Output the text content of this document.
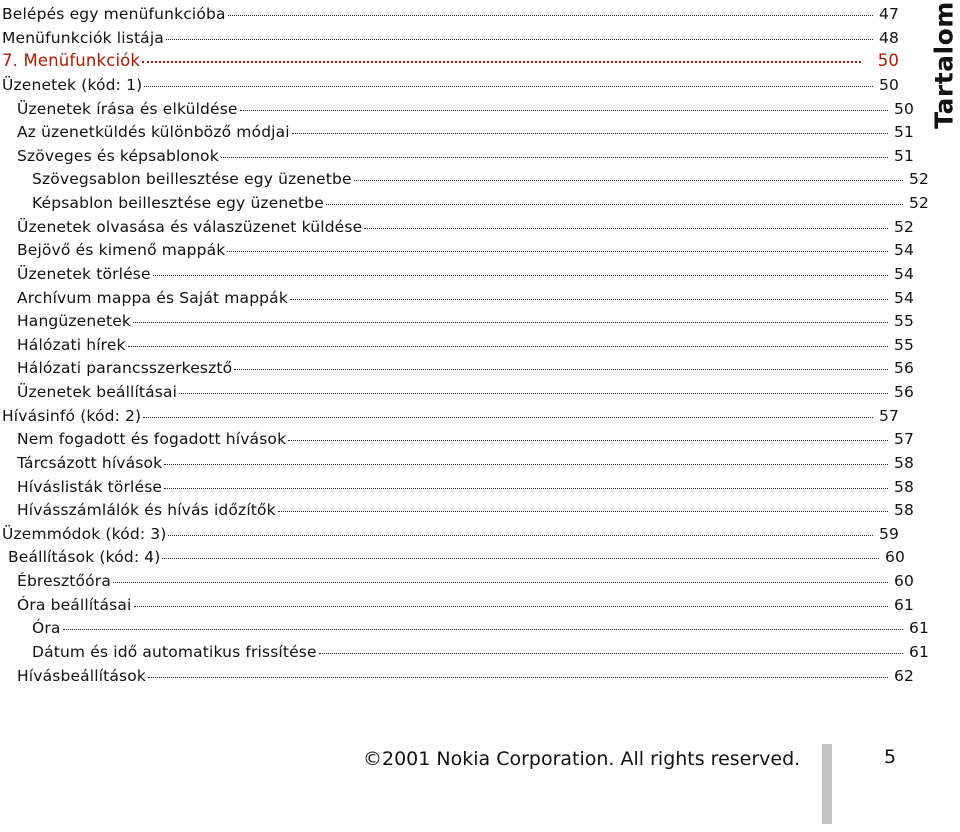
Belépés egy menüfunkcióba	47
Menüfunkciók listája	48
7. Menüfunkciók	50
Üzenetek (kód: 1)	50
Üzenetek írása és elküldése	50
Az üzenetküldés különböző módjai	51
Szöveges és képsablonok	51
Szövegsablon beillesztése egy üzenetbe	52
Képsablon beillesztése egy üzenetbe	52
Üzenetek olvasása és válaszüzenet küldése	52
Bejövő és kimenő mappák	54
Üzenetek törlése	54
Archívum mappa és Saját mappák	54
Hangüzenetek	55
Hálózati hírek	55
Hálózati parancsszerkesztő	56
Üzenetek beállításai	56
Hívásinfó (kód: 2)	57
Nem fogadott és fogadott hívások	57
Tárcsázott hívások	58
Híváslisták törlése	58
Hívásszámlálók és hívás időzítők	58
Üzemmódok (kód: 3)	59
Beállítások (kód: 4)	60
Ébresztőóra	60
Óra beállításai	61
Óra	61
Dátum és idő automatikus frissítése	61
Hívásbeállítások	62
Tartalom
©2001 Nokia Corporation. All rights reserved.	5
